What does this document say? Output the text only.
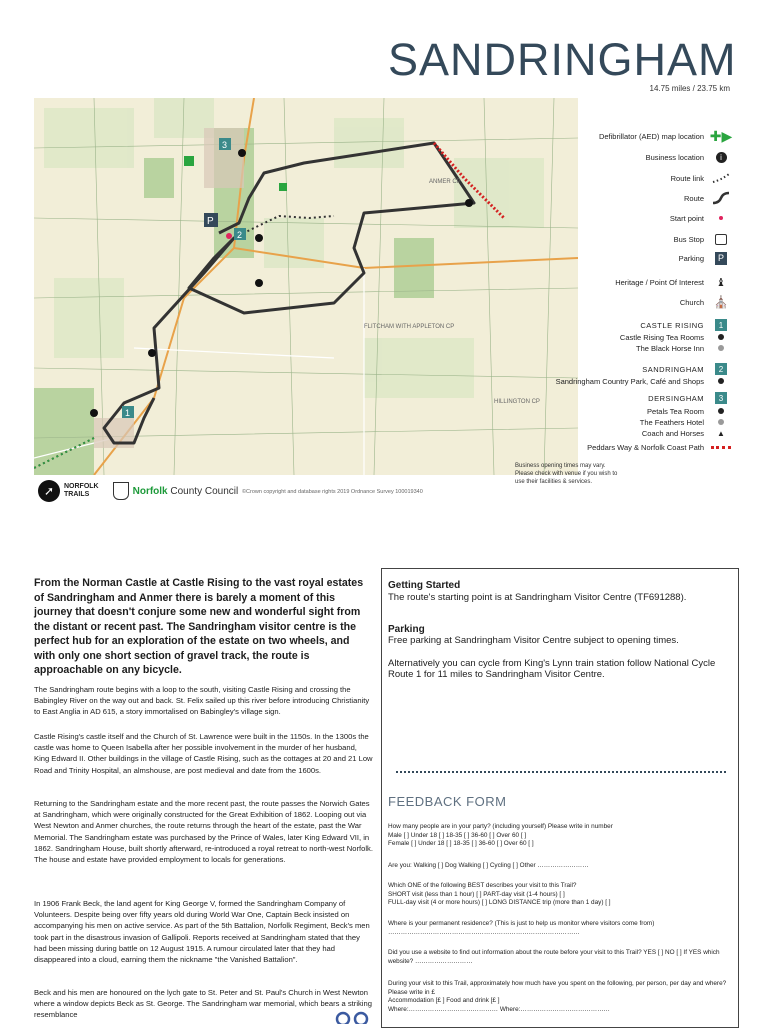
SANDRINGHAM
14.75 miles / 23.75 km
3
P
2
1
ANMER CP
FLITCHAM WITH APPLETON CP
HILLINGTON CP
➚	NORFOLK
TRAILS	Norfolk County Council ©Crown copyright and database rights 2019 Ordnance Survey 100019340
Defibrillator (AED) map location ✚▶
Business location	i
Route link
Route
Start point
Bus Stop
Parking	P
Heritage / Point Of Interest ♝
Church ⛪
CASTLE RISING	1
Castle Rising Tea Rooms
The Black Horse Inn
SANDRINGHAM	2
Sandringham Country Park, Café and Shops
DERSINGHAM	3
Petals Tea Room
The Feathers Hotel
Coach and Horses ▲
Peddars Way & Norfolk Coast Path
Business opening times may vary.
Please check with venue if you wish to
use their facilities & services.
From the Norman Castle at Castle Rising to the vast royal estates of Sandringham and Anmer there is barely a moment of this journey that doesn't conjure some new and wonderful sight from the distant or recent past. The Sandringham visitor centre is the perfect hub for an exploration of the estate on two wheels, and with only one short section of gravel track, the route is approachable on any bicycle.
The Sandringham route begins with a loop to the south, visiting Castle Rising and crossing the Babingley River on the way out and back. St. Felix sailed up this river before introducing Christianity to East Anglia in AD 615, a story immortalised on Babingley's village sign.
Castle Rising's castle itself and the Church of St. Lawrence were built in the 1150s. In the 1300s the castle was home to Queen Isabella after her possible involvement in the murder of her husband, King Edward II. Other buildings in the village of Castle Rising, such as the cottages at 20 and 21 Low Road and Trinity Hospital, an almshouse, are post medieval and date from the 1600s.
Returning to the Sandringham estate and the more recent past, the route passes the Norwich Gates at Sandringham, which were originally constructed for the Great Exhibition of 1862. Looping out via West Newton and Anmer churches, the route returns through the heart of the estate, past the War Memorial. The Sandringham estate was purchased by the Prince of Wales, later King Edward VII, in 1862. Sandringham House, built shortly afterward, re-introduced a royal retreat to north-west Norfolk. The house and estate have provided employment to locals for generations.
In 1906 Frank Beck, the land agent for King George V, formed the Sandringham Company of Volunteers. Despite being over fifty years old during World War One, Captain Beck insisted on accompanying his men on active service. As part of the 5th Battalion, Norfolk Regiment, Beck's men took part in the disastrous invasion of Gallipoli. Reports received at Sandringham stated that they had been missing during battle on 12 August 1915. A rumour circulated later that they had disappeared into a cloud, earning them the nickname "the Vanished Battalion".
Beck and his men are honoured on the lych gate to St. Peter and St. Paul's Church in West Newton where a window depicts Beck as St. George. The Sandringham war memorial, which bears a striking resemblance
Getting Started
The route's starting point is at Sandringham Visitor Centre (TF691288).
Parking
Free parking at Sandringham Visitor Centre subject to opening times.
Alternatively you can cycle from King's Lynn train station follow National Cycle Route 1 for 11 miles to Sandringham Visitor Centre.
FEEDBACK FORM
How many people are in your party? (including yourself) Please write in number
Male [ ] Under 18 [ ] 18-35 [ ] 36-60 [ ] Over 60 [ ]
Female [ ] Under 18 [ ] 18-35 [ ] 36-60 [ ] Over 60 [ ]
Are you: Walking [ ] Dog Walking [ ] Cycling [ ] Other ……………………
Which ONE of the following BEST describes your visit to this Trail?
SHORT visit (less than 1 hour) [ ] PART-day visit (1-4 hours) [ ]
FULL-day visit (4 or more hours) [ ] LONG DISTANCE trip (more than 1 day) [ ]
Where is your permanent residence? (This is just to help us monitor where visitors come from) ………………………………………………………………………………
Did you use a website to find out information about the route before your visit to this Trail? YES [ ] NO [ ] If YES which website? ………………………
During your visit to this Trail, approximately how much have you spent on the following, per person, per day and where? Please write in £
Accommodation [£ ] Food and drink [£ ]
Where:…………………………………… Where:……………………………………
